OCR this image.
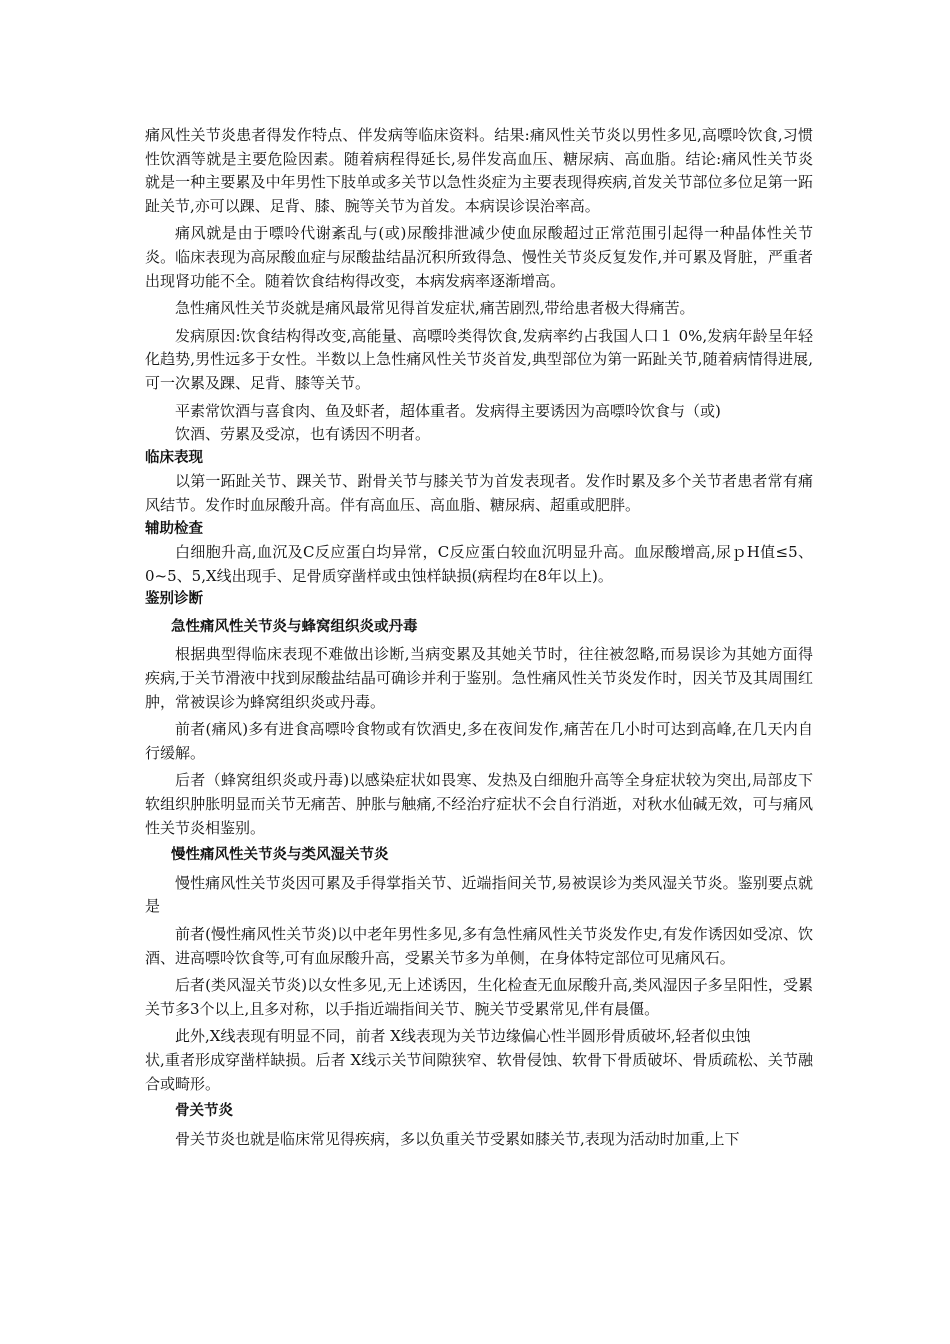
痛风性关节炎患者得发作特点、伴发病等临床资料。结果:痛风性关节炎以男性多见,高嘌呤饮食,习惯性饮酒等就是主要危险因素。随着病程得延长,易伴发高血压、糖尿病、高血脂。结论:痛风性关节炎就是一种主要累及中年男性下肢单或多关节以急性炎症为主要表现得疾病,首发关节部位多位足第一跖趾关节,亦可以踝、足背、膝、腕等关节为首发。本病误诊误治率高。

痛风就是由于嘌呤代谢紊乱与(或)尿酸排泄减少使血尿酸超过正常范围引起得一种晶体性关节炎。临床表现为高尿酸血症与尿酸盐结晶沉积所致得急、慢性关节炎反复发作,并可累及肾脏，严重者出现肾功能不全。随着饮食结构得改变，本病发病率逐渐增高。

急性痛风性关节炎就是痛风最常见得首发症状,痛苦剧烈,带给患者极大得痛苦。

发病原因:饮食结构得改变,高能量、高嘌呤类得饮食,发病率约占我国人口１ 0%,发病年龄呈年轻化趋势,男性远多于女性。半数以上急性痛风性关节炎首发,典型部位为第一跖趾关节,随着病情得进展,可一次累及踝、足背、膝等关节。

平素常饮酒与喜食肉、鱼及虾者，超体重者。发病得主要诱因为高嘌呤饮食与（或)

饮酒、劳累及受凉，也有诱因不明者。

临床表现

以第一跖趾关节、踝关节、跗骨关节与膝关节为首发表现者。发作时累及多个关节者患者常有痛风结节。发作时血尿酸升高。伴有高血压、高血脂、糖尿病、超重或肥胖。

辅助检查

白细胞升高,血沉及C反应蛋白均异常，C反应蛋白较血沉明显升高。血尿酸增高,尿ｐH值≤5、0~5、5,X线出现手、足骨质穿凿样或虫蚀样缺损(病程均在8年以上)。

鉴别诊断

急性痛风性关节炎与蜂窝组织炎或丹毒

根据典型得临床表现不难做出诊断,当病变累及其她关节时，往往被忽略,而易误诊为其她方面得疾病,于关节滑液中找到尿酸盐结晶可确诊并利于鉴别。急性痛风性关节炎发作时，因关节及其周围红肿，常被误诊为蜂窝组织炎或丹毒。

前者(痛风)多有进食高嘌呤食物或有饮酒史,多在夜间发作,痛苦在几小时可达到高峰,在几天内自行缓解。

后者（蜂窝组织炎或丹毒)以感染症状如畏寒、发热及白细胞升高等全身症状较为突出,局部皮下软组织肿胀明显而关节无痛苦、肿胀与触痛,不经治疗症状不会自行消逝，对秋水仙碱无效，可与痛风性关节炎相鉴别。

慢性痛风性关节炎与类风湿关节炎

慢性痛风性关节炎因可累及手得掌指关节、近端指间关节,易被误诊为类风湿关节炎。鉴别要点就是

前者(慢性痛风性关节炎)以中老年男性多见,多有急性痛风性关节炎发作史,有发作诱因如受凉、饮酒、进高嘌呤饮食等,可有血尿酸升高，受累关节多为单侧，在身体特定部位可见痛风石。

后者(类风湿关节炎)以女性多见,无上述诱因，生化检查无血尿酸升高,类风湿因子多呈阳性，受累关节多3个以上,且多对称，以手指近端指间关节、腕关节受累常见,伴有晨僵。

此外,X线表现有明显不同，前者 X线表现为关节边缘偏心性半圆形骨质破坏,轻者似虫蚀

状,重者形成穿凿样缺损。后者 X线示关节间隙狭窄、软骨侵蚀、软骨下骨质破坏、骨质疏松、关节融合或畸形。

骨关节炎

骨关节炎也就是临床常见得疾病，多以负重关节受累如膝关节,表现为活动时加重,上下
